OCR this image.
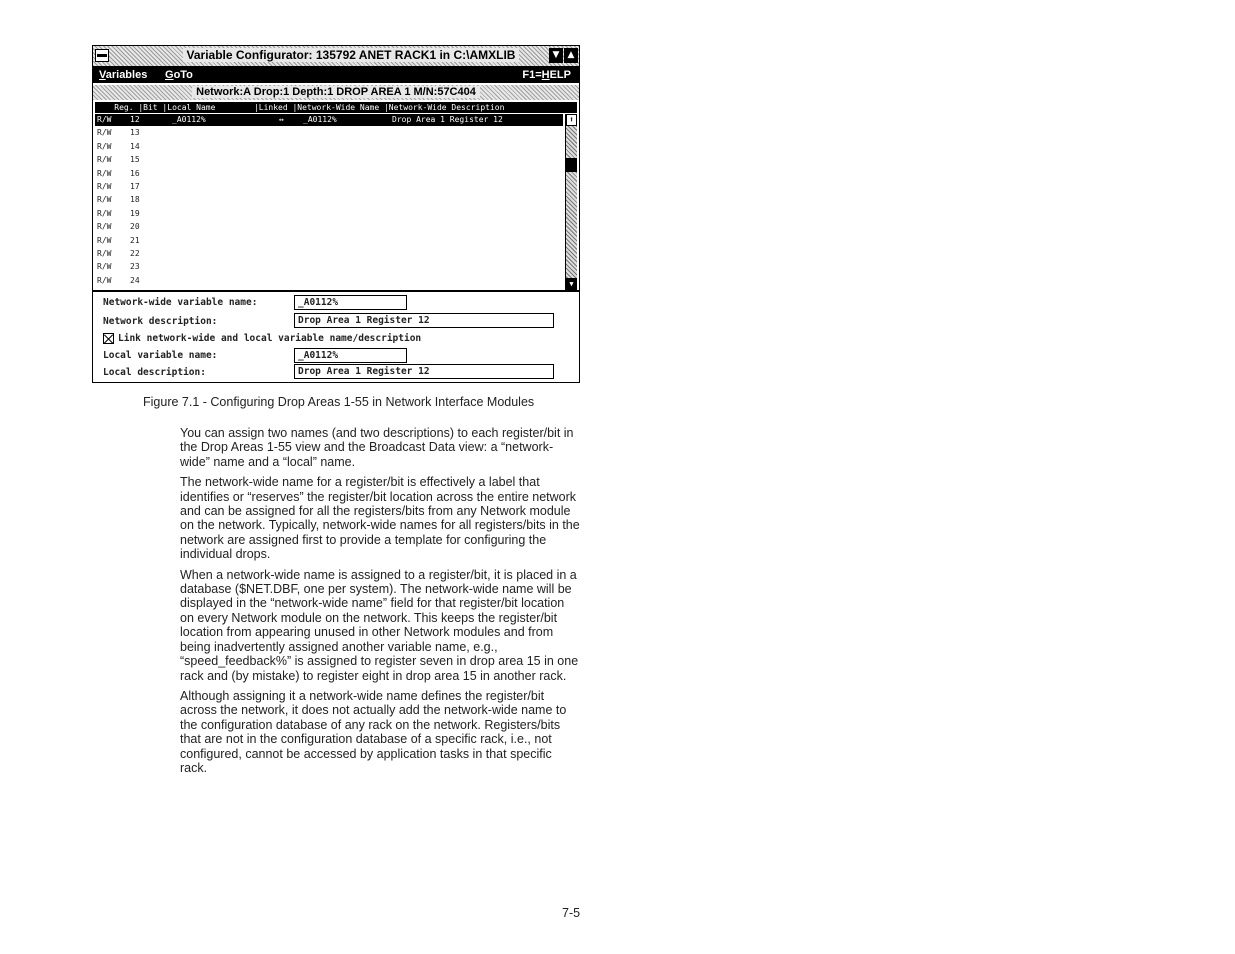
Variable Configurator: 135792 ANET RACK1 in C:\AMXLIB	▼ ▲
Variables GoTo	F1=HELP
Network:A Drop:1 Depth:1 DROP AREA 1 M/N:57C404
Reg. |Bit |Local Name        |Linked |Network-Wide Name |Network-Wide Description
R/W 12	_A0112%	↔ _A0112%	Drop Area 1 Register 12
R/W 13
R/W 14
R/W 15
R/W 16
R/W 17
R/W 18
R/W 19
R/W 20
R/W 21
R/W 22
R/W 23
R/W 24
⬆
▼
Network-wide variable name:	_A0112%
Network description:	Drop Area 1 Register 12
Link network-wide and local variable name/description
Local variable name:	_A0112%
Local description:	Drop Area 1 Register 12
Figure 7.1 - Configuring Drop Areas 1-55 in Network Interface Modules

You can assign two names (and two descriptions) to each register/bit in the Drop Areas 1-55 view and the Broadcast Data view: a “network-wide” name and a “local” name.

The network-wide name for a register/bit is effectively a label that identifies or “reserves” the register/bit location across the entire network and can be assigned for all the registers/bits from any Network module on the network. Typically, network-wide names for all registers/bits in the network are assigned first to provide a template for configuring the individual drops.

When a network-wide name is assigned to a register/bit, it is placed in a database ($NET.DBF, one per system). The network-wide name will be displayed in the “network-wide name” field for that register/bit location on every Network module on the network. This keeps the register/bit location from appearing unused in other Network modules and from being inadvertently assigned another variable name, e.g., “speed_feedback%” is assigned to register seven in drop area 15 in one rack and (by mistake) to register eight in drop area 15 in another rack.

Although assigning it a network-wide name defines the register/bit across the network, it does not actually add the network-wide name to the configuration database of any rack on the network. Registers/bits that are not in the configuration database of a specific rack, i.e., not configured, cannot be accessed by application tasks in that specific rack.

7-5
